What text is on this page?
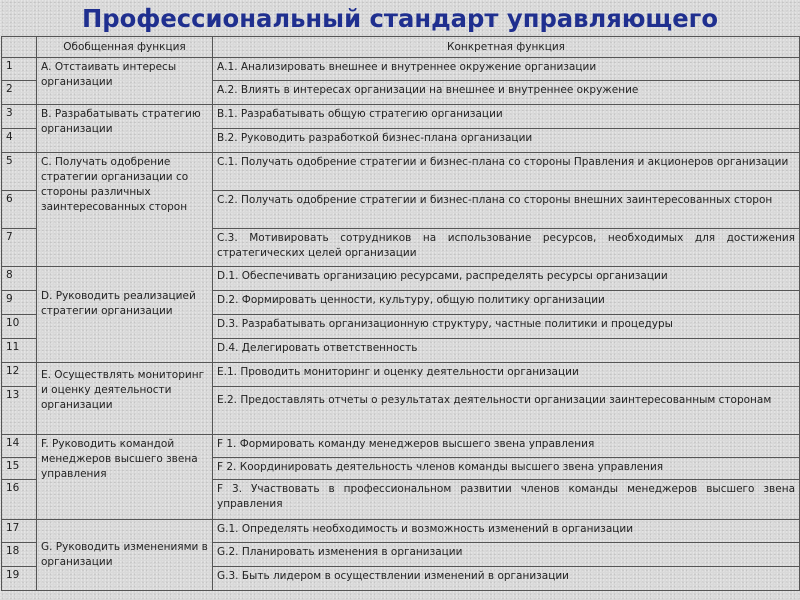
Профессиональный стандарт управляющего
	Обобщенная функция	Конкретная функция
1	А. Отстаивать интересы организации	А.1. Анализировать внешнее и внутреннее окружение организации
2		А.2. Влиять в интересах организации на внешнее и внутреннее окружение
3	В. Разрабатывать стратегию организации	В.1. Разрабатывать общую стратегию организации
4		В.2. Руководить разработкой бизнес-плана организации
5	С. Получать одобрение стратегии организации со стороны различных заинтересованных сторон	С.1. Получать одобрение стратегии и бизнес-плана со стороны Правления и акционеров организации
6		С.2. Получать одобрение стратегии и бизнес-плана со стороны внешних заинтересованных сторон
7		С.3. Мотивировать сотрудников на использование ресурсов, необходимых для достижения стратегических целей организации
8	D. Руководить реализацией стратегии организации	D.1. Обеспечивать организацию ресурсами, распределять ресурсы организации
9		D.2. Формировать ценности, культуру, общую политику организации
10		D.3. Разрабатывать организационную структуру, частные политики и процедуры
11		D.4. Делегировать ответственность
12	Е. Осуществлять мониторинг и оценку деятельности организации	Е.1. Проводить мониторинг и оценку деятельности организации
13		Е.2. Предоставлять отчеты о результатах деятельности организации заинтересованным сторонам
14	F. Руководить командой менеджеров высшего звена управления	F 1. Формировать команду менеджеров высшего звена управления
15		F 2. Координировать деятельность членов команды высшего звена управления
16		F 3. Участвовать в профессиональном развитии членов команды менеджеров высшего звена управления
17	G. Руководить изменениями в организации	G.1. Определять необходимость и возможность изменений в организации
18		G.2. Планировать изменения в организации
19		G.3. Быть лидером в осуществлении изменений в организации
